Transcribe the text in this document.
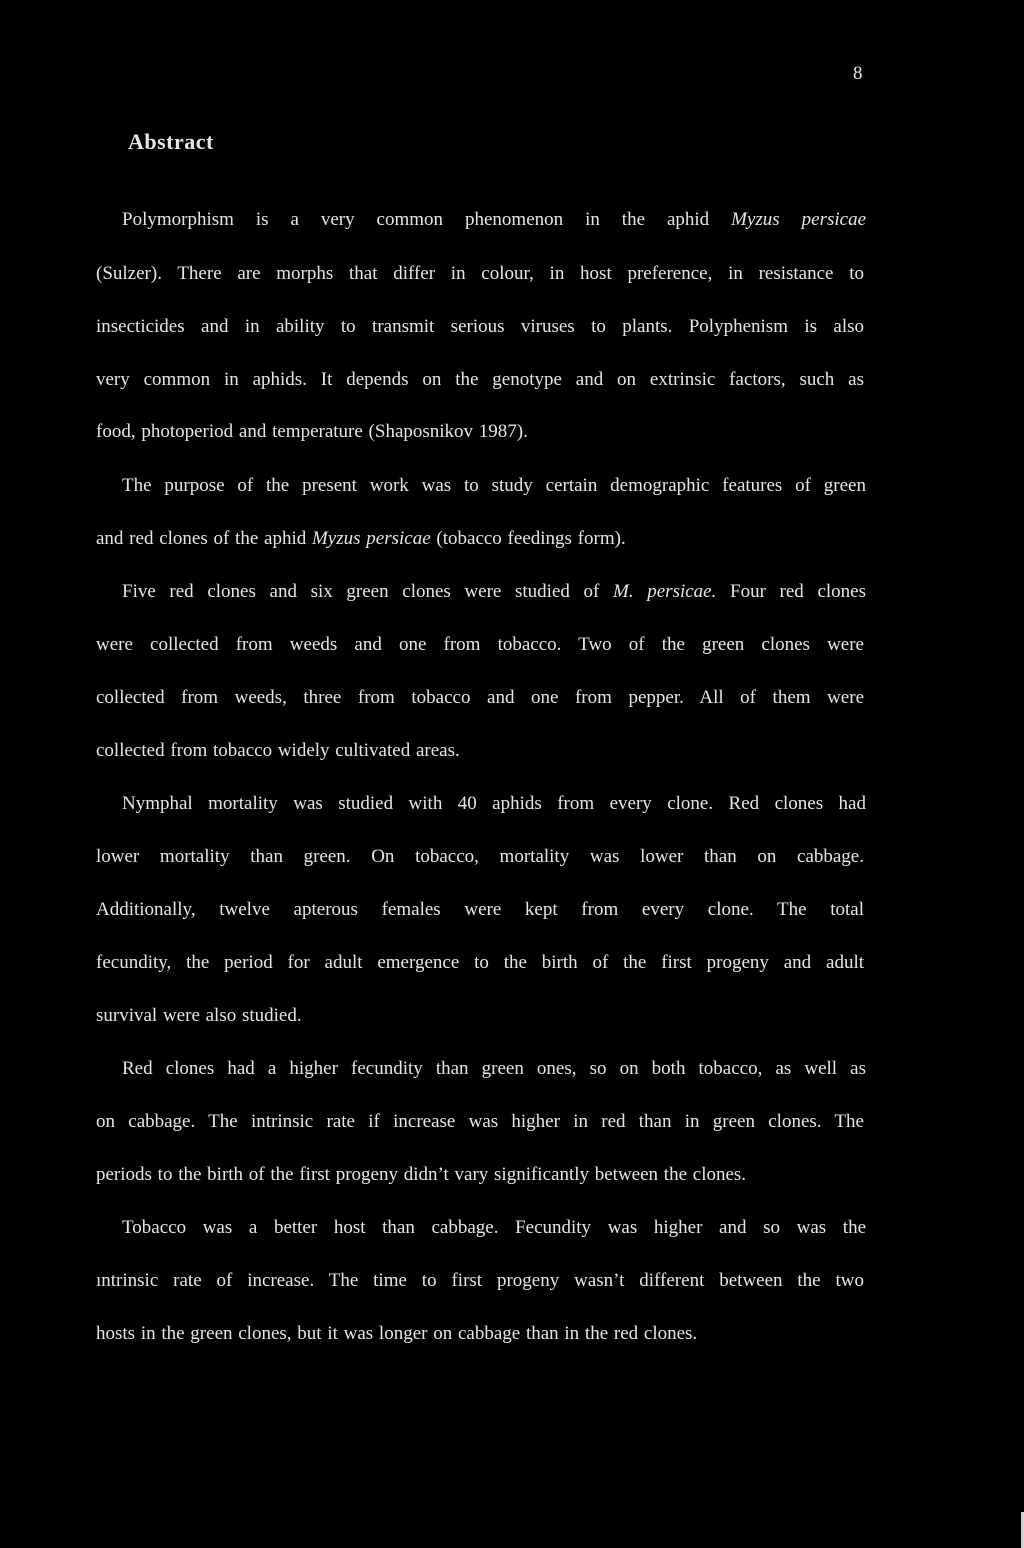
8
Abstract
Polymorphism is a very common phenomenon in the aphid Myzus persicae
(Sulzer). There are morphs that differ in colour, in host preference, in resistance to
insecticides and in ability to transmit serious viruses to plants. Polyphenism is also
very common in aphids. It depends on the genotype and on extrinsic factors, such as
food, photoperiod and temperature (Shaposnikov 1987).
The purpose of the present work was to study certain demographic features of green
and red clones of the aphid Myzus persicae (tobacco feedings form).
Five red clones and six green clones were studied of M. persicae. Four red clones
were collected from weeds and one from tobacco. Two of the green clones were
collected from weeds, three from tobacco and one from pepper. All of them were
collected from tobacco widely cultivated areas.
Nymphal mortality was studied with 40 aphids from every clone. Red clones had
lower mortality than green. On tobacco, mortality was lower than on cabbage.
Additionally, twelve apterous females were kept from every clone. The total
fecundity, the period for adult emergence to the birth of the first progeny and adult
survival were also studied.
Red clones had a higher fecundity than green ones, so on both tobacco, as well as
on cabbage. The intrinsic rate if increase was higher in red than in green clones. The
periods to the birth of the first progeny didn’t vary significantly between the clones.
Tobacco was a better host than cabbage. Fecundity was higher and so was the
ıntrinsic rate of increase. The time to first progeny wasn’t different between the two
hosts in the green clones, but it was longer on cabbage than in the red clones.
